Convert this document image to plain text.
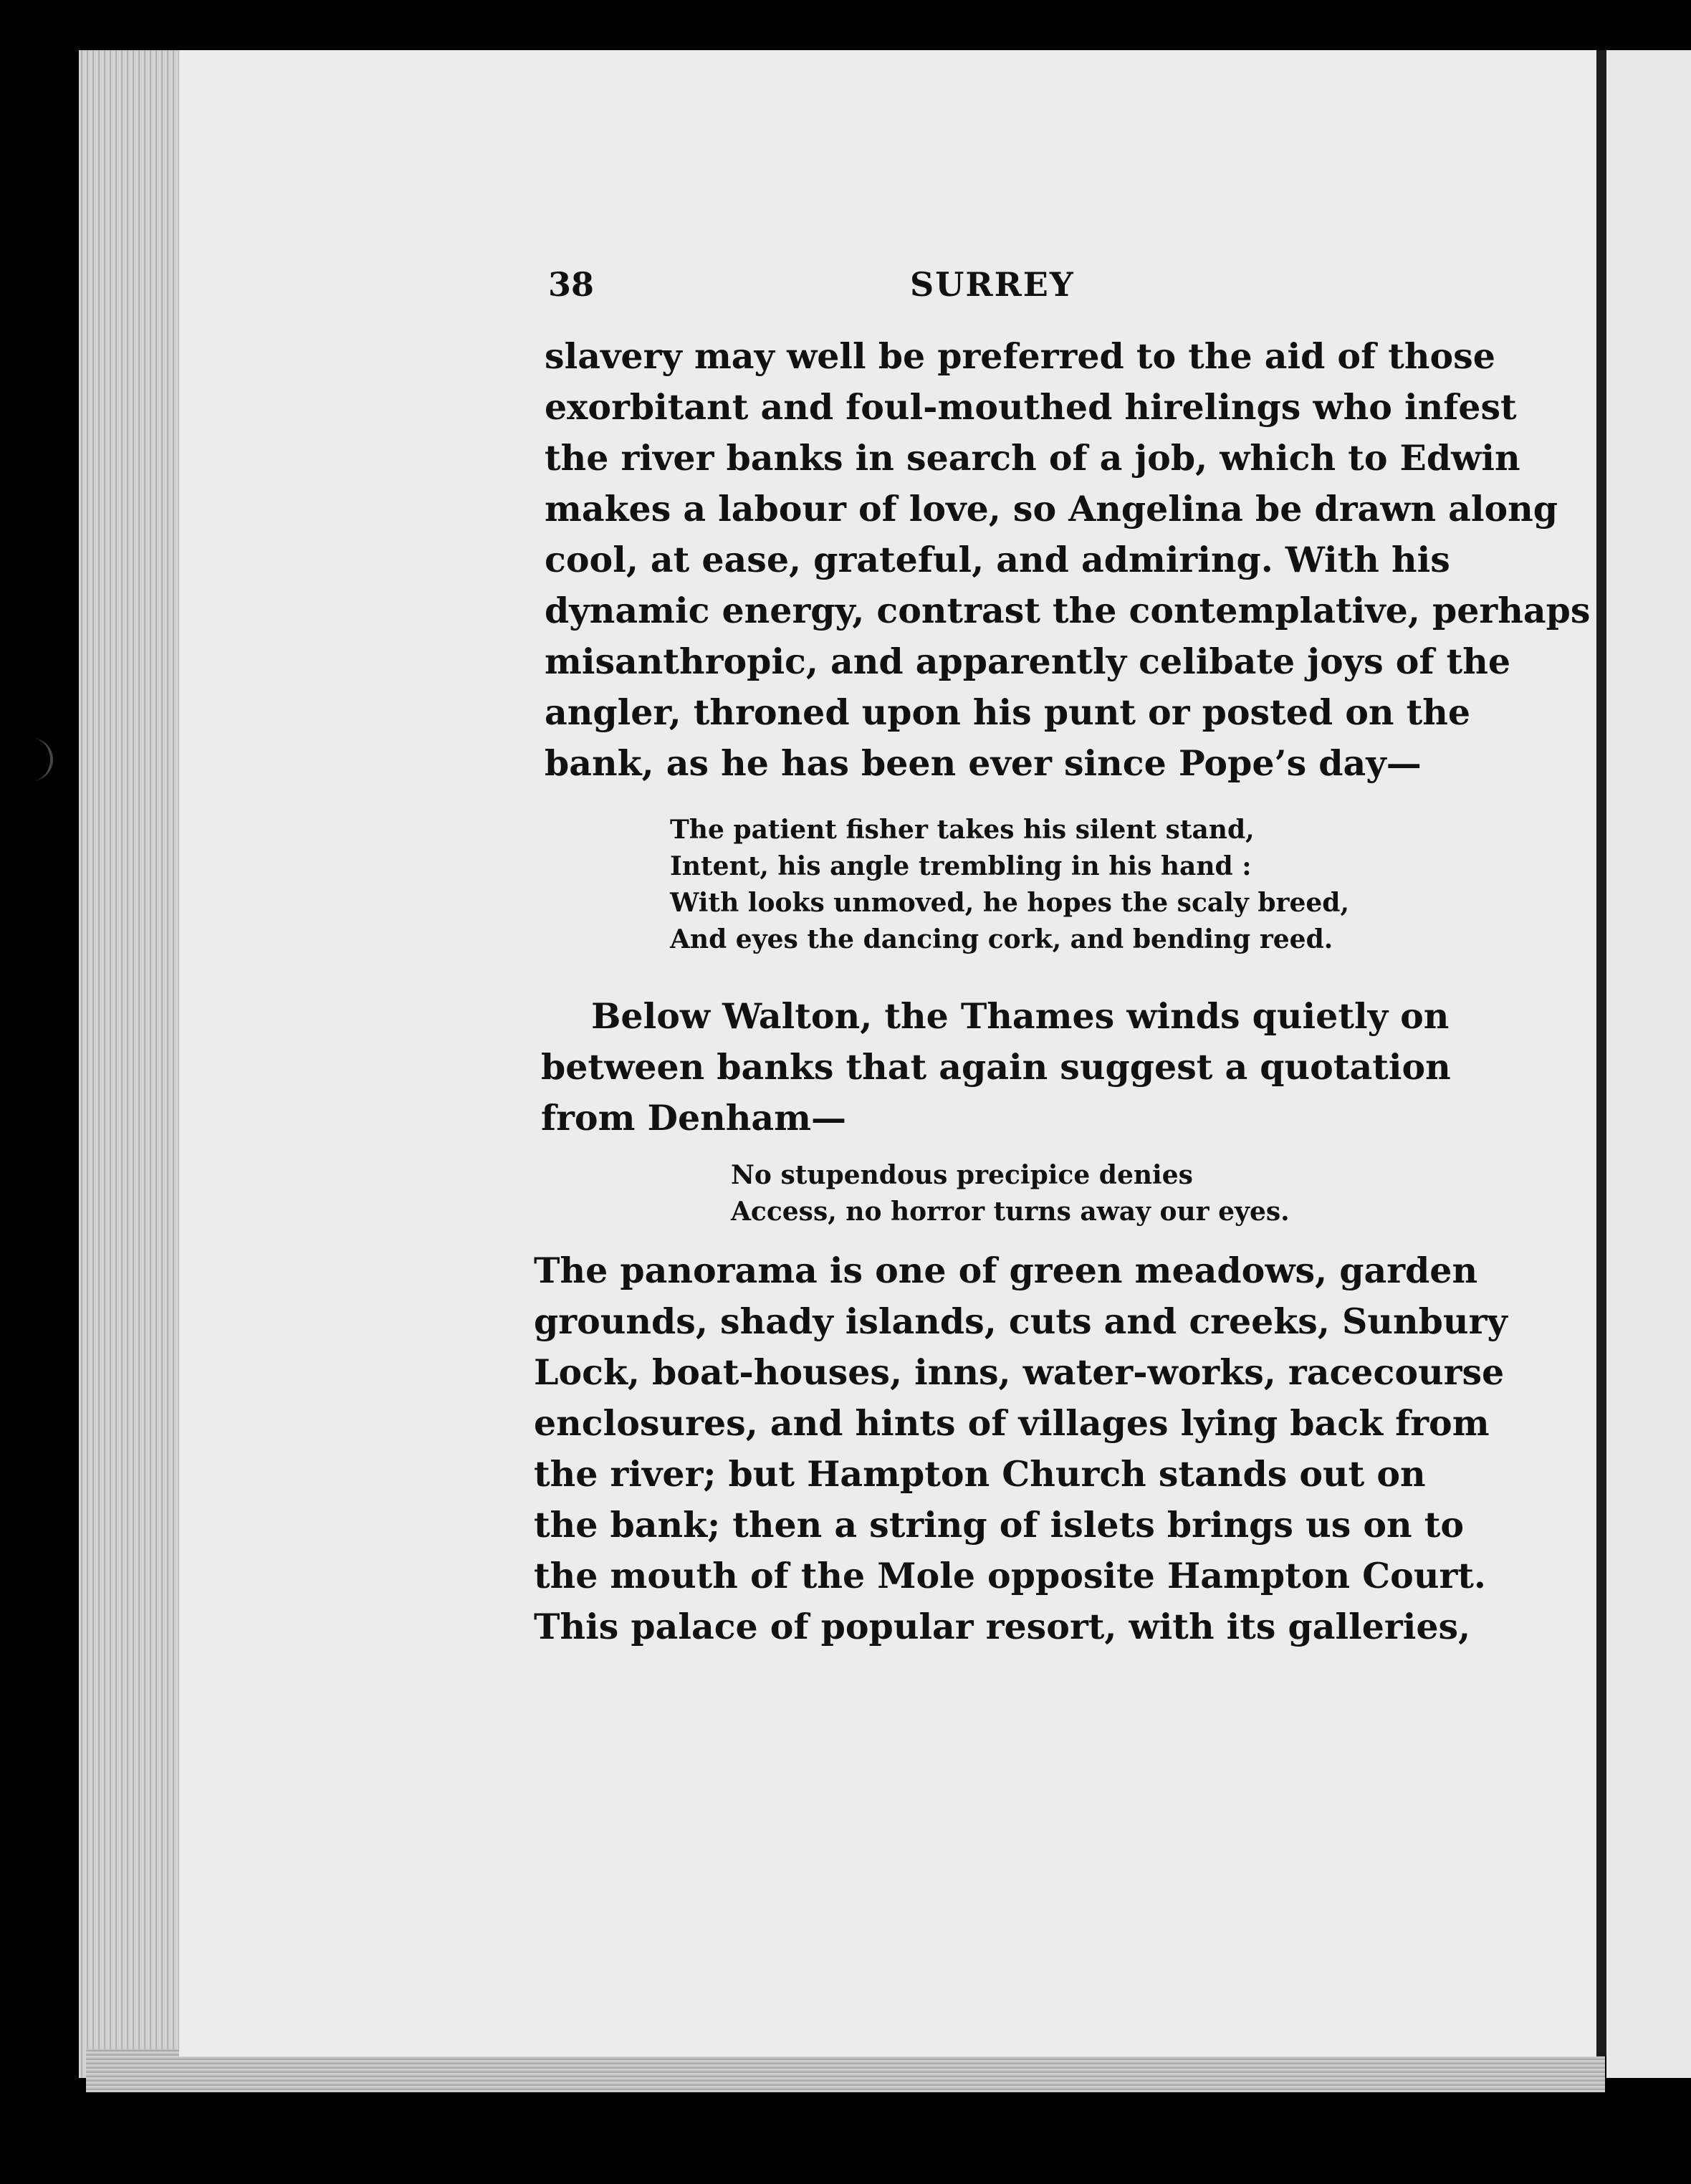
38	SURREY
slavery may well be preferred to the aid of those
exorbitant and foul-mouthed hirelings who infest
the river banks in search of a job, which to Edwin
makes a labour of love, so Angelina be drawn along
cool, at ease, grateful, and admiring. With his
dynamic energy, contrast the contemplative, perhaps
misanthropic, and apparently celibate joys of the
angler, throned upon his punt or posted on the
bank, as he has been ever since Pope’s day—
The patient fisher takes his silent stand,
Intent, his angle trembling in his hand :
With looks unmoved, he hopes the scaly breed,
And eyes the dancing cork, and bending reed.
Below Walton, the Thames winds quietly on
between banks that again suggest a quotation
from Denham—
No stupendous precipice denies
Access, no horror turns away our eyes.
The panorama is one of green meadows, garden
grounds, shady islands, cuts and creeks, Sunbury
Lock, boat-houses, inns, water-works, racecourse
enclosures, and hints of villages lying back from
the river; but Hampton Church stands out on
the bank; then a string of islets brings us on to
the mouth of the Mole opposite Hampton Court.
This palace of popular resort, with its galleries,
